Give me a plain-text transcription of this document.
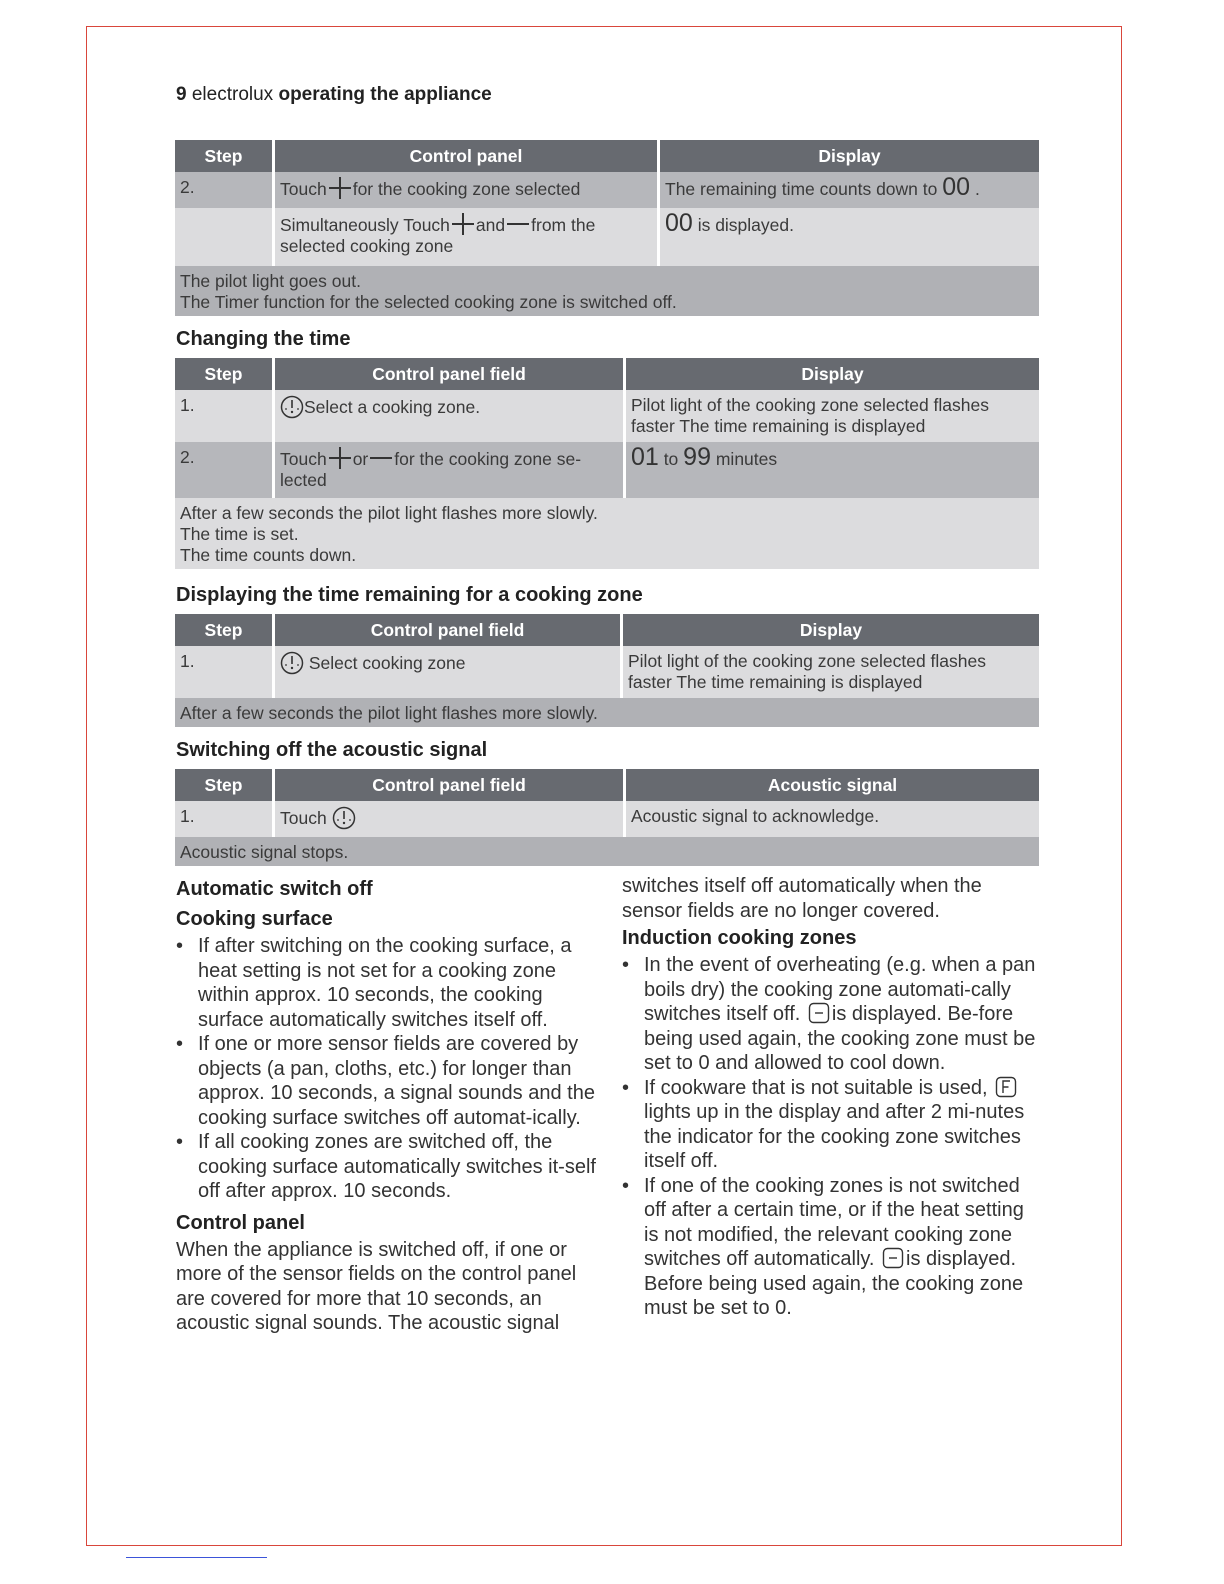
9 electrolux operating the appliance
Step	Control panel	Display
2.	Touch for the cooking zone selected	The remaining time counts down to 00 .
	Simultaneously Touch and from the selected cooking zone	00 is displayed.

The pilot light goes out.
The Timer function for the selected cooking zone is switched off.		
Changing the time
Step	Control panel field	Display
1.	Select a cooking zone.	Pilot light of the cooking zone selected flashes faster The time remaining is displayed
2.	Touch or for the cooking zone se-lected	01 to 99 minutes

After a few seconds the pilot light flashes more slowly.
The time is set.
The time counts down.		
Displaying the time remaining for a cooking zone
Step	Control panel field	Display
1.	Select cooking zone	Pilot light of the cooking zone selected flashes faster The time remaining is displayed

After a few seconds the pilot light flashes more slowly.		
Switching off the acoustic signal
Step	Control panel field	Acoustic signal
1.	Touch	Acoustic signal to acknowledge.

Acoustic signal stops.		
Automatic switch off
Cooking surface
• If after switching on the cooking surface, a heat setting is not set for a cooking zone within approx. 10 seconds, the cooking surface automatically switches itself off.
• If one or more sensor fields are covered by objects (a pan, cloths, etc.) for longer than approx. 10 seconds, a signal sounds and the cooking surface switches off automat-ically.
• If all cooking zones are switched off, the cooking surface automatically switches it-self off after approx. 10 seconds.
Control panel

When the appliance is switched off, if one or more of the sensor fields on the control panel are covered for more that 10 seconds, an acoustic signal sounds. The acoustic signal

switches itself off automatically when the sensor fields are no longer covered.

Induction cooking zones
• In the event of overheating (e.g. when a pan boils dry) the cooking zone automati-cally switches itself off. is displayed. Be-fore being used again, the cooking zone must be set to 0 and allowed to cool down.
• If cookware that is not suitable is used, lights up in the display and after 2 mi-nutes the indicator for the cooking zone switches itself off.
• If one of the cooking zones is not switched off after a certain time, or if the heat setting is not modified, the relevant cooking zone switches off automatically. is displayed. Before being used again, the cooking zone must be set to 0.
